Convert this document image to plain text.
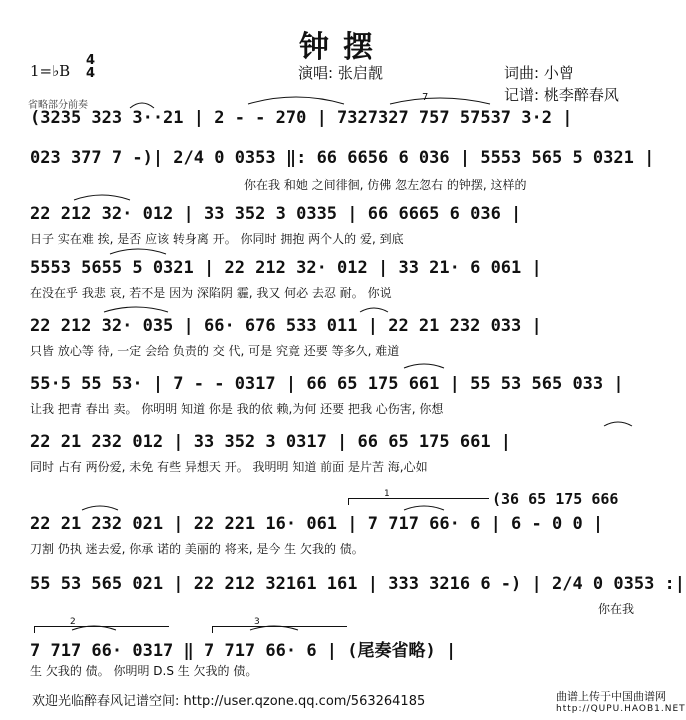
钟摆
1=♭B
4
4	演唱: 张启靓	词曲: 小曾
记谱: 桃李醉春风
省略部分前奏
(3235 323 3··21 | 2 - - 270 | 7327327 757 57537 3·2 |
023 377 7 -)| 2/4 0 0353 ‖: 66 6656 6 036 | 5553 565 5 0321 |
你在我 和她 之间徘徊, 仿佛 忽左忽右 的钟摆, 这样的
22 212 32· 012 | 33 352 3 0335 | 66 6665 6 036 |
日子 实在难 挨, 是否 应该 转身离 开。 你同时 拥抱 两个人的 爱, 到底
5553 5655 5 0321 | 22 212 32· 012 | 33 21· 6 061 |
在没在乎 我悲 哀, 若不是 因为 深陷阴 霾, 我又 何必 去忍 耐。 你说
22 212 32· 035 | 66· 676 533 011 | 22 21 232 033 |
只皆 放心等 待, 一定 会给 负责的 交 代, 可是 究竟 还要 等多久, 难道
55·5 55 53· | 7 - - 0317 | 66 65 175 661 | 55 53 565 033 |
让我 把青 春出 卖。 你明明 知道 你是 我的依 赖,为何 还要 把我 心伤害, 你想
22 21 232 012 | 33 352 3 0317 | 66 65 175 661 |
同时 占有 两份爱, 未免 有些 异想天 开。 我明明 知道 前面 是片苦 海,心如
(36 65 175 666
22 21 232 021 | 22 221 16· 061 | 7 717 66· 6 | 6 - 0 0 |
刀割 仍执 迷去爱, 你承 诺的 美丽的 将来, 是今 生 欠我的 债。
55 53 565 021 | 22 212 32161 161 | 333 3216 6 -) | 2/4 0 0353 :|
你在我
7 717 66· 0317 ‖ 7 717 66· 6 | (尾奏省略) |
生 欠我的 债。 你明明 D.S 生 欠我的 债。
1
2	3
7
欢迎光临醉春风记谱空间: http://user.qzone.qq.com/563264185	曲谱上传于中国曲谱网
http://QUPU.HAOB1.NET
